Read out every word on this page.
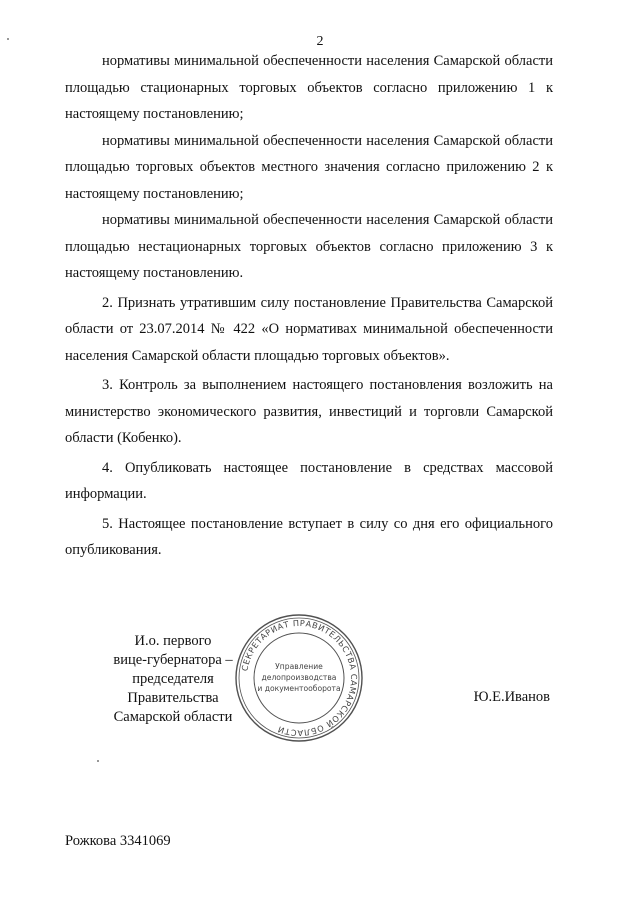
2

нормативы минимальной обеспеченности населения Самарской области площадью стационарных торговых объектов согласно приложению 1 к настоящему постановлению;

нормативы минимальной обеспеченности населения Самарской области площадью торговых объектов местного значения согласно приложению 2 к настоящему постановлению;

нормативы минимальной обеспеченности населения Самарской области площадью нестационарных торговых объектов согласно приложению 3 к настоящему постановлению.

2. Признать утратившим силу постановление Правительства Самарской области от 23.07.2014 № 422 «О нормативах минимальной обеспеченности населения Самарской области площадью торговых объектов».

3. Контроль за выполнением настоящего постановления возложить на министерство экономического развития, инвестиций и торговли Самарской области (Кобенко).

4. Опубликовать настоящее постановление в средствах массовой информации.

5. Настоящее постановление вступает в силу со дня его официального опубликования.

И.о. первого
вице-губернатора –
председателя Правительства
Самарской области
СЕКРЕТАРИАТ ПРАВИТЕЛЬСТВА САМАРСКОЙ ОБЛАСТИ
Управление
делопроизводства
и документооборота
Ю.Е.Иванов
Рожкова 3341069
